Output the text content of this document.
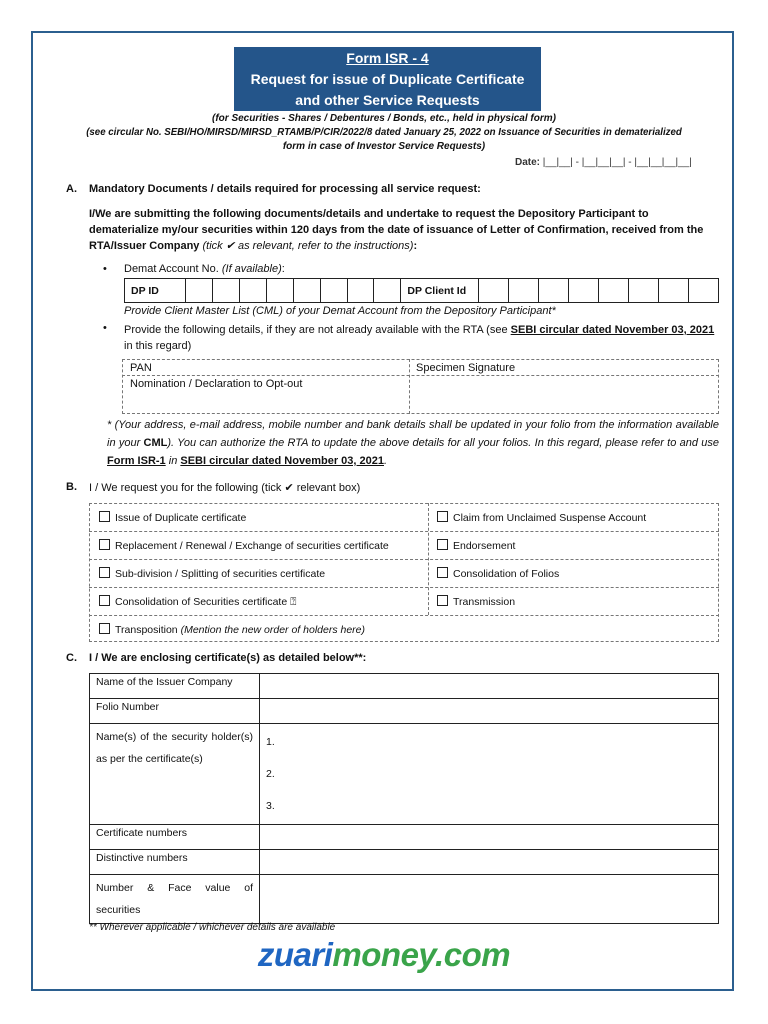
Form ISR - 4
Request for issue of Duplicate Certificate
and other Service Requests
(for Securities - Shares / Debentures / Bonds, etc., held in physical form)
(see circular No. SEBI/HO/MIRSD/MIRSD_RTAMB/P/CIR/2022/8 dated January 25, 2022 on Issuance of Securities in dematerialized
form in case of Investor Service Requests)
Date: |__|__| - |__|__|__| - |__|__|__|__|
A. Mandatory Documents / details required for processing all service request:
I/We are submitting the following documents/details and undertake to request the Depository Participant to dematerialize my/our securities within 120 days from the date of issuance of Letter of Confirmation, received from the RTA/Issuer Company (tick ✔ as relevant, refer to the instructions):
• Demat Account No. (If available):
DP ID									DP Client Id								
Provide Client Master List (CML) of your Demat Account from the Depository Participant*
• Provide the following details, if they are not already available with the RTA (see SEBI circular dated November 03, 2021 in this regard)
PAN	Specimen Signature
Nomination / Declaration to Opt-out
* (Your address, e-mail address, mobile number and bank details shall be updated in your folio from the information available in your CML). You can authorize the RTA to update the above details for all your folios. In this regard, please refer to and use Form ISR-1 in SEBI circular dated November 03, 2021.
B. I / We request you for the following (tick ✔ relevant box)
Issue of Duplicate certificate	Claim from Unclaimed Suspense Account
Replacement / Renewal / Exchange of securities certificate	Endorsement
Sub-division / Splitting of securities certificate	Consolidation of Folios
Consolidation of Securities certificate ⍰	Transmission
Transposition (Mention the new order of holders here)
C. I / We are enclosing certificate(s) as detailed below**:
Name of the Issuer Company	
Folio Number	
Name(s) of the security holder(s) as per the certificate(s)	1.
2.
3.

Certificate numbers	
Distinctive numbers	
Number & Face value of securities	
** Wherever applicable / whichever details are available
zuarimoney.com
